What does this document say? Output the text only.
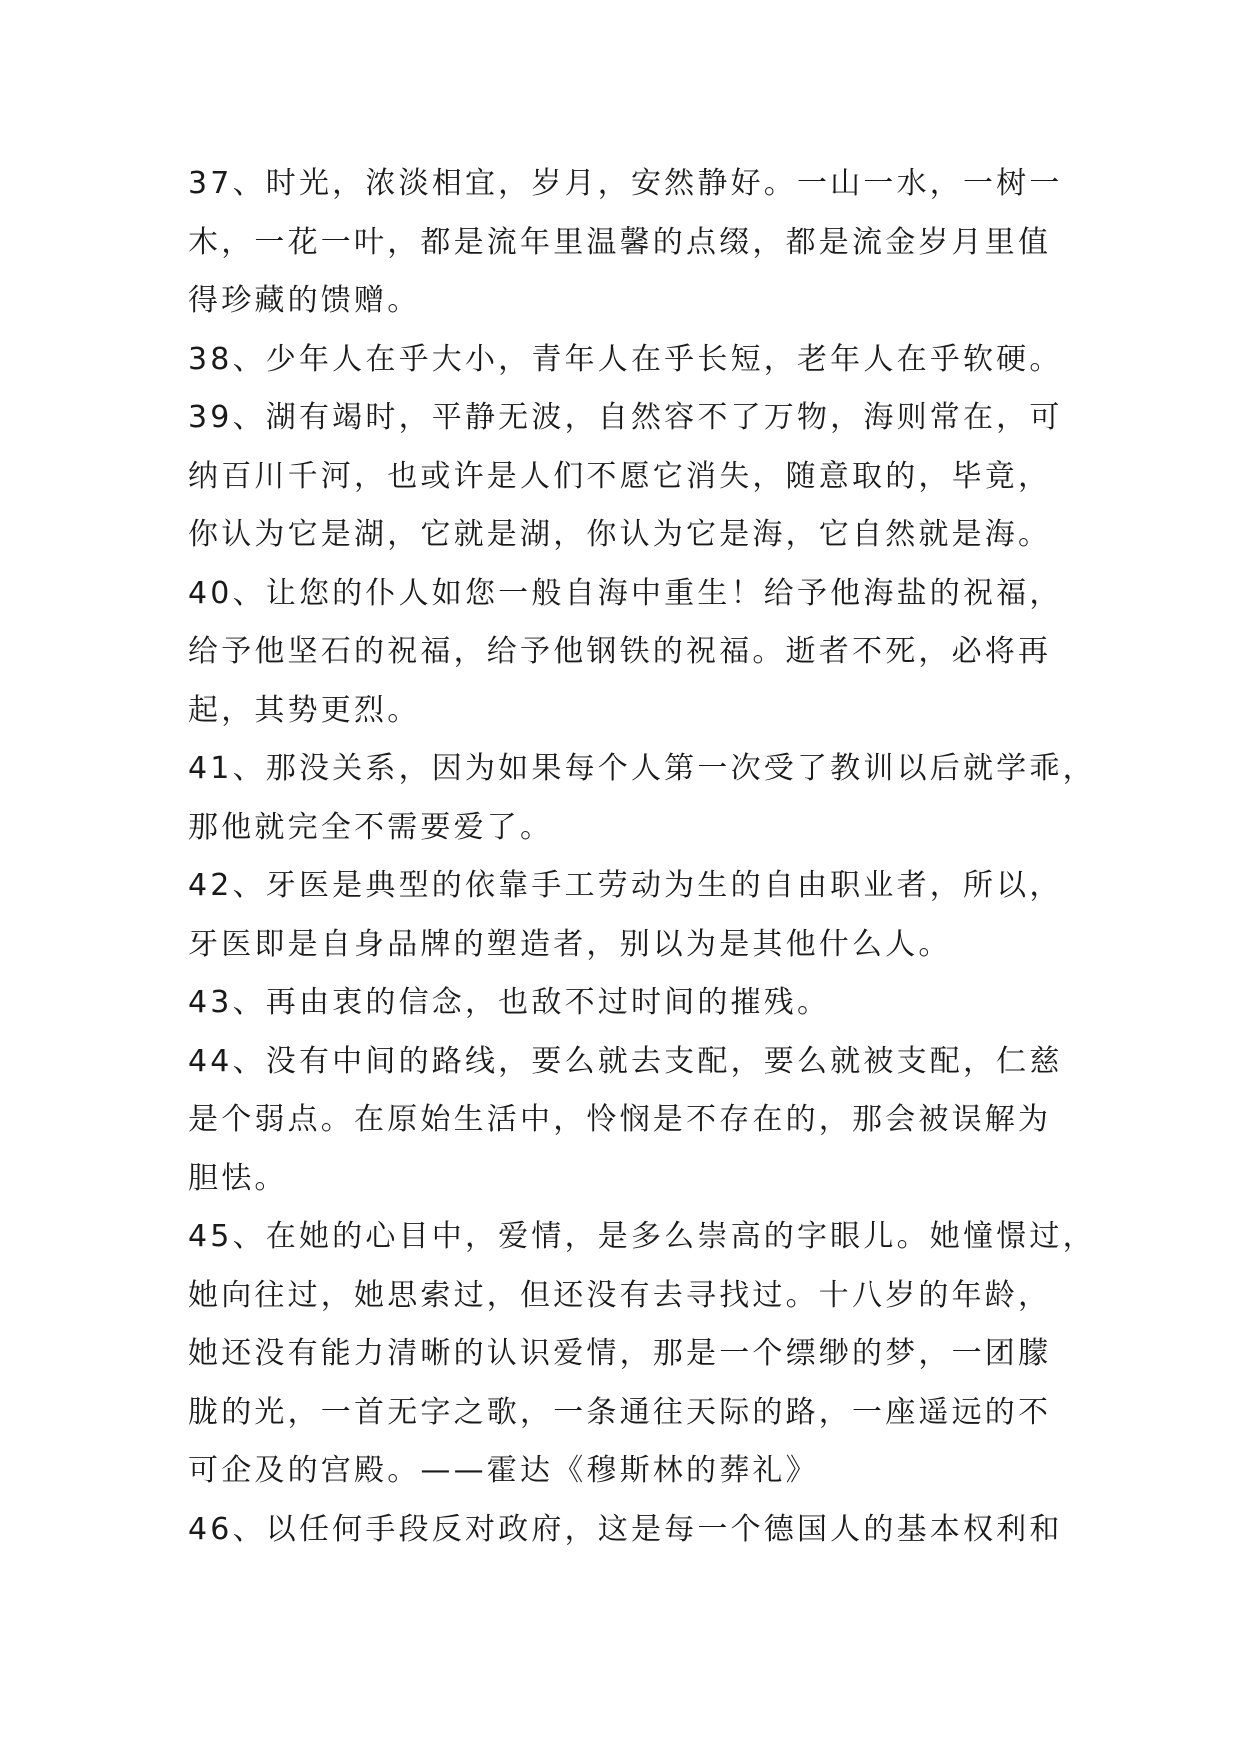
37、时光，浓淡相宜，岁月，安然静好。一山一水，一树一
木，一花一叶，都是流年里温馨的点缀，都是流金岁月里值
得珍藏的馈赠。
38、少年人在乎大小，青年人在乎长短，老年人在乎软硬。
39、湖有竭时，平静无波，自然容不了万物，海则常在，可
纳百川千河，也或许是人们不愿它消失，随意取的，毕竟，
你认为它是湖，它就是湖，你认为它是海，它自然就是海。
40、让您的仆人如您一般自海中重生！给予他海盐的祝福，
给予他坚石的祝福，给予他钢铁的祝福。逝者不死，必将再
起，其势更烈。
41、那没关系，因为如果每个人第一次受了教训以后就学乖，
那他就完全不需要爱了。
42、牙医是典型的依靠手工劳动为生的自由职业者，所以，
牙医即是自身品牌的塑造者，别以为是其他什么人。
43、再由衷的信念，也敌不过时间的摧残。
44、没有中间的路线，要么就去支配，要么就被支配，仁慈
是个弱点。在原始生活中，怜悯是不存在的，那会被误解为
胆怯。
45、在她的心目中，爱情，是多么崇高的字眼儿。她憧憬过，
她向往过，她思索过，但还没有去寻找过。十八岁的年龄，
她还没有能力清晰的认识爱情，那是一个缥缈的梦，一团朦
胧的光，一首无字之歌，一条通往天际的路，一座遥远的不
可企及的宫殿。——霍达《穆斯林的葬礼》
46、以任何手段反对政府，这是每一个德国人的基本权利和
